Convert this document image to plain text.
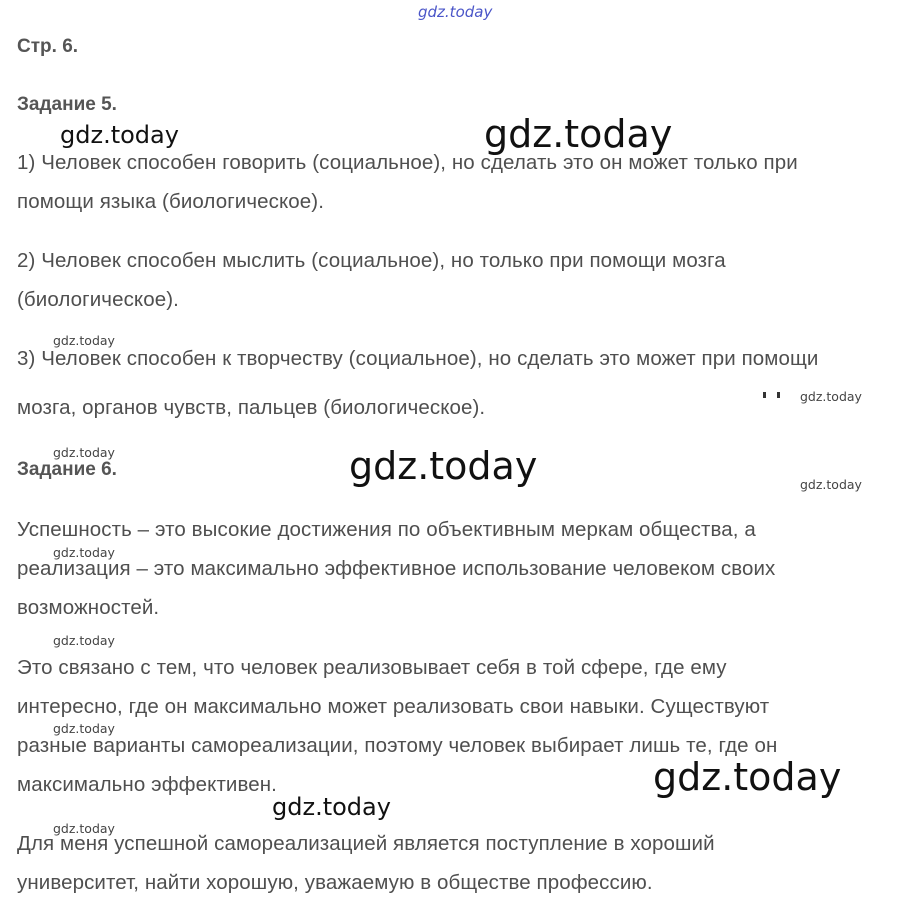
gdz.today
Стр. 6.
Задание 5.
gdz.today	gdz.today
1) Человек способен говорить (социальное), но сделать это он может только при
помощи языка (биологическое).
2) Человек способен мыслить (социальное), но только при помощи мозга
(биологическое).
gdz.today
3) Человек способен к творчеству (социальное), но сделать это может при помощи
gdz.today
мозга, органов чувств, пальцев (биологическое).
gdz.today
Задание 6.	gdz.today	gdz.today
Успешность – это высокие достижения по объективным меркам общества, а
gdz.today
реализация – это максимально эффективное использование человеком своих
возможностей.
gdz.today
Это связано с тем, что человек реализовывает себя в той сфере, где ему
интересно, где он максимально может реализовать свои навыки. Существуют
gdz.today
разные варианты самореализации, поэтому человек выбирает лишь те, где он
gdz.today
максимально эффективен.
gdz.today
gdz.today
Для меня успешной самореализацией является поступление в хороший
университет, найти хорошую, уважаемую в обществе профессию.
